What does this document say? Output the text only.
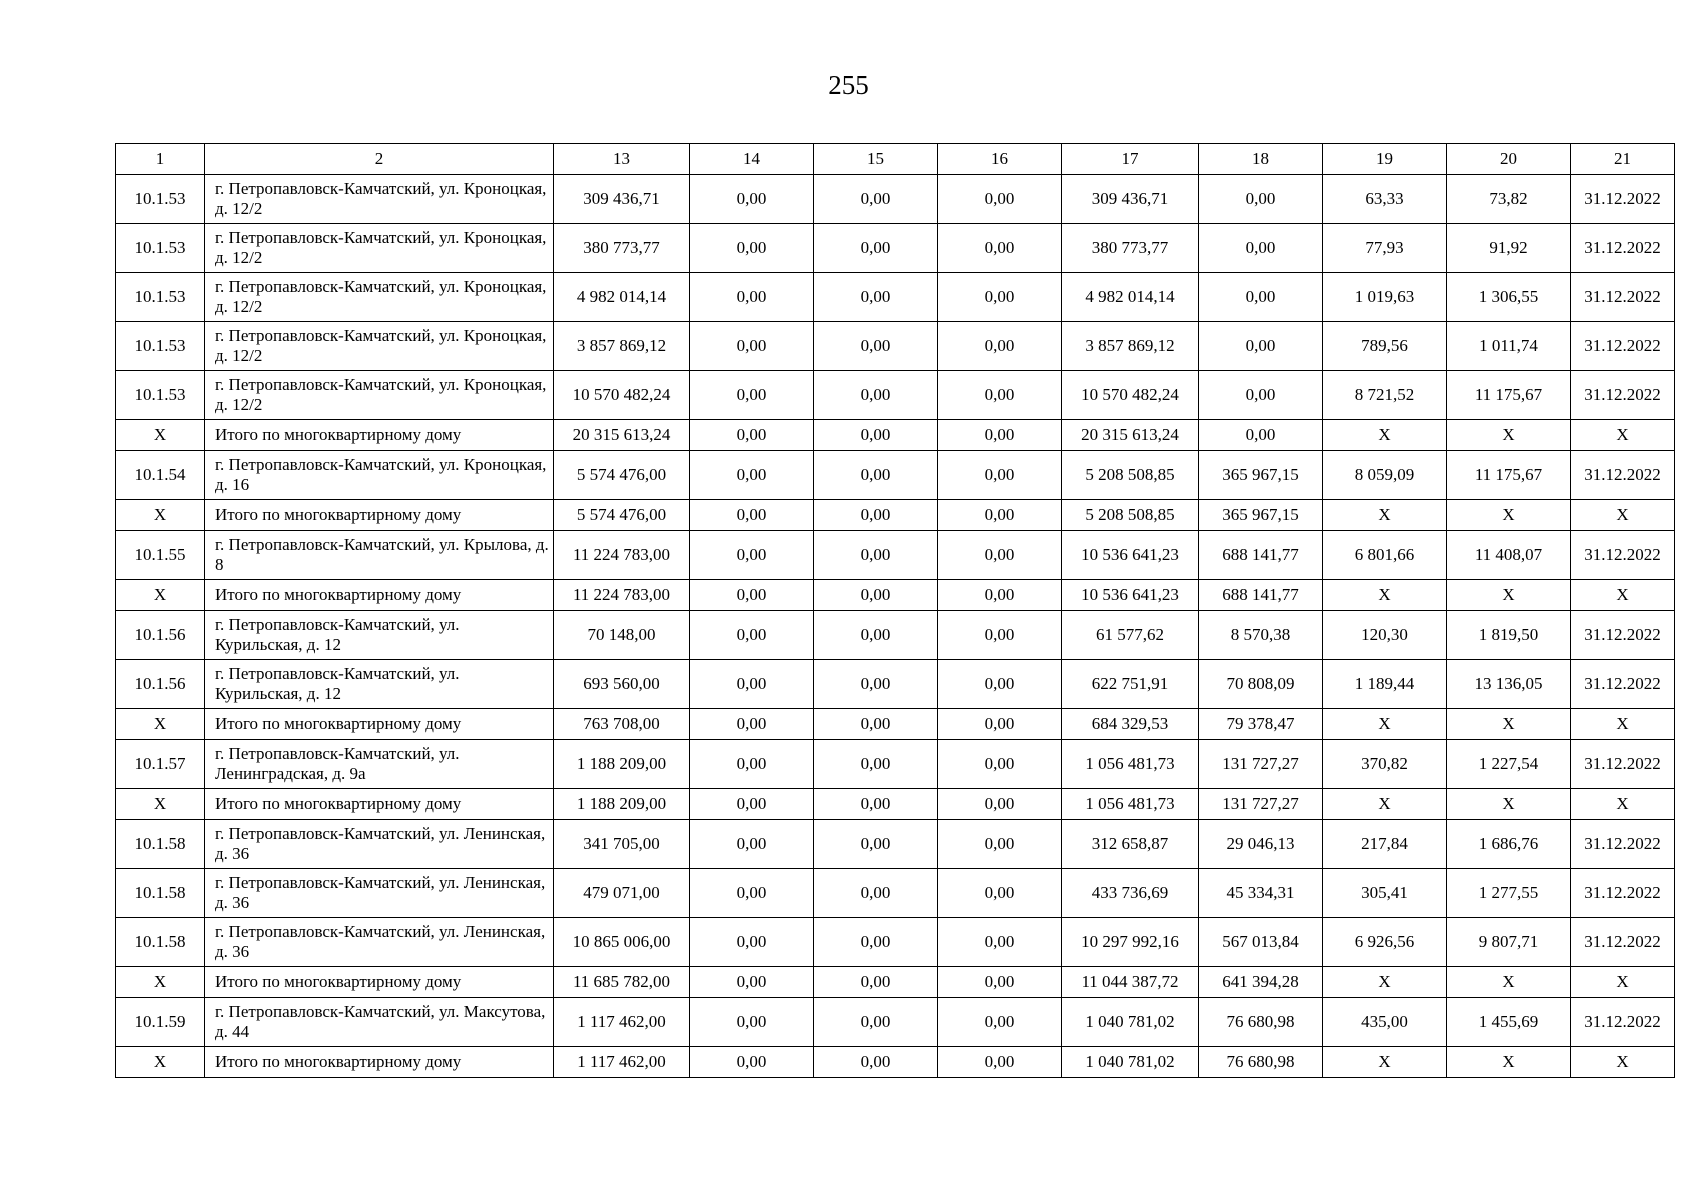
255
1	2	13	14	15	16	17	18	19	20	21
10.1.53	г. Петропавловск-Камчатский, ул. Кроноцкая, д. 12/2	309 436,71	0,00	0,00	0,00	309 436,71	0,00	63,33	73,82	31.12.2022
10.1.53	г. Петропавловск-Камчатский, ул. Кроноцкая, д. 12/2	380 773,77	0,00	0,00	0,00	380 773,77	0,00	77,93	91,92	31.12.2022
10.1.53	г. Петропавловск-Камчатский, ул. Кроноцкая, д. 12/2	4 982 014,14	0,00	0,00	0,00	4 982 014,14	0,00	1 019,63	1 306,55	31.12.2022
10.1.53	г. Петропавловск-Камчатский, ул. Кроноцкая, д. 12/2	3 857 869,12	0,00	0,00	0,00	3 857 869,12	0,00	789,56	1 011,74	31.12.2022
10.1.53	г. Петропавловск-Камчатский, ул. Кроноцкая, д. 12/2	10 570 482,24	0,00	0,00	0,00	10 570 482,24	0,00	8 721,52	11 175,67	31.12.2022
X	Итого по многоквартирному дому	20 315 613,24	0,00	0,00	0,00	20 315 613,24	0,00	X	X	X
10.1.54	г. Петропавловск-Камчатский, ул. Кроноцкая, д. 16	5 574 476,00	0,00	0,00	0,00	5 208 508,85	365 967,15	8 059,09	11 175,67	31.12.2022
X	Итого по многоквартирному дому	5 574 476,00	0,00	0,00	0,00	5 208 508,85	365 967,15	X	X	X
10.1.55	г. Петропавловск-Камчатский, ул. Крылова, д. 8	11 224 783,00	0,00	0,00	0,00	10 536 641,23	688 141,77	6 801,66	11 408,07	31.12.2022
X	Итого по многоквартирному дому	11 224 783,00	0,00	0,00	0,00	10 536 641,23	688 141,77	X	X	X
10.1.56	г. Петропавловск-Камчатский, ул. Курильская, д. 12	70 148,00	0,00	0,00	0,00	61 577,62	8 570,38	120,30	1 819,50	31.12.2022
10.1.56	г. Петропавловск-Камчатский, ул. Курильская, д. 12	693 560,00	0,00	0,00	0,00	622 751,91	70 808,09	1 189,44	13 136,05	31.12.2022
X	Итого по многоквартирному дому	763 708,00	0,00	0,00	0,00	684 329,53	79 378,47	X	X	X
10.1.57	г. Петропавловск-Камчатский, ул. Ленинградская, д. 9а	1 188 209,00	0,00	0,00	0,00	1 056 481,73	131 727,27	370,82	1 227,54	31.12.2022
X	Итого по многоквартирному дому	1 188 209,00	0,00	0,00	0,00	1 056 481,73	131 727,27	X	X	X
10.1.58	г. Петропавловск-Камчатский, ул. Ленинская, д. 36	341 705,00	0,00	0,00	0,00	312 658,87	29 046,13	217,84	1 686,76	31.12.2022
10.1.58	г. Петропавловск-Камчатский, ул. Ленинская, д. 36	479 071,00	0,00	0,00	0,00	433 736,69	45 334,31	305,41	1 277,55	31.12.2022
10.1.58	г. Петропавловск-Камчатский, ул. Ленинская, д. 36	10 865 006,00	0,00	0,00	0,00	10 297 992,16	567 013,84	6 926,56	9 807,71	31.12.2022
X	Итого по многоквартирному дому	11 685 782,00	0,00	0,00	0,00	11 044 387,72	641 394,28	X	X	X
10.1.59	г. Петропавловск-Камчатский, ул. Максутова, д. 44	1 117 462,00	0,00	0,00	0,00	1 040 781,02	76 680,98	435,00	1 455,69	31.12.2022
X	Итого по многоквартирному дому	1 117 462,00	0,00	0,00	0,00	1 040 781,02	76 680,98	X	X	X
